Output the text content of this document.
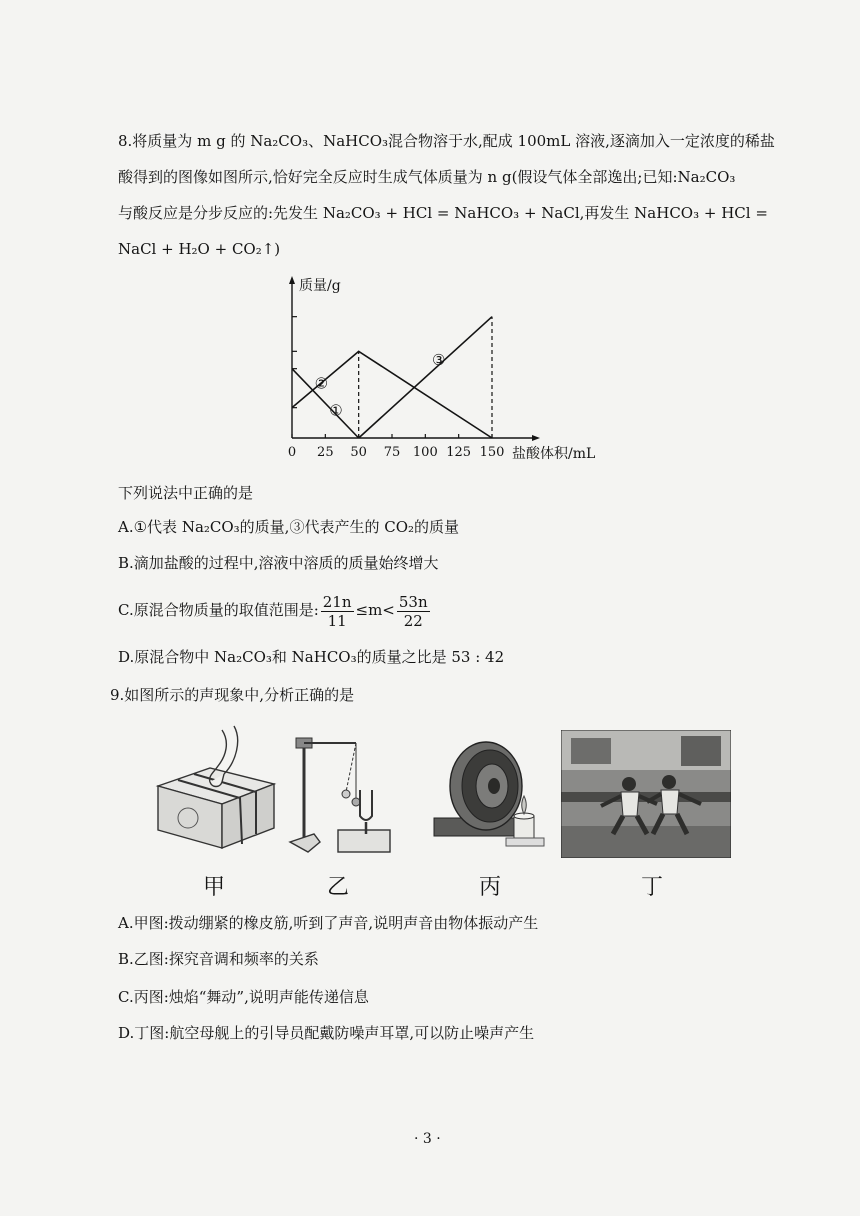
8.将质量为 m g 的 Na₂CO₃、NaHCO₃混合物溶于水,配成 100mL 溶液,逐滴加入一定浓度的稀盐
酸得到的图像如图所示,恰好完全反应时生成气体质量为 n g(假设气体全部逸出;已知:Na₂CO₃
与酸反应是分步反应的:先发生 Na₂CO₃ + HCl = NaHCO₃ + NaCl,再发生 NaHCO₃ + HCl =
NaCl + H₂O + CO₂↑)
0 25 50 75 100 125 150
①
②
③
质量/g
盐酸体积/mL
下列说法中正确的是
A.①代表 Na₂CO₃的质量,③代表产生的 CO₂的质量
B.滴加盐酸的过程中,溶液中溶质的质量始终增大
C.原混合物质量的取值范围是: $\frac{21n}{11} \le m< \frac{53n}{22}$
D.原混合物中 Na₂CO₃和 NaHCO₃的质量之比是 53 : 42
9.如图所示的声现象中,分析正确的是
甲	乙	丙	丁
A.甲图:拨动绷紧的橡皮筋,听到了声音,说明声音由物体振动产生
B.乙图:探究音调和频率的关系
C.丙图:烛焰“舞动”,说明声能传递信息
D.丁图:航空母舰上的引导员配戴防噪声耳罩,可以防止噪声产生
· 3 ·
